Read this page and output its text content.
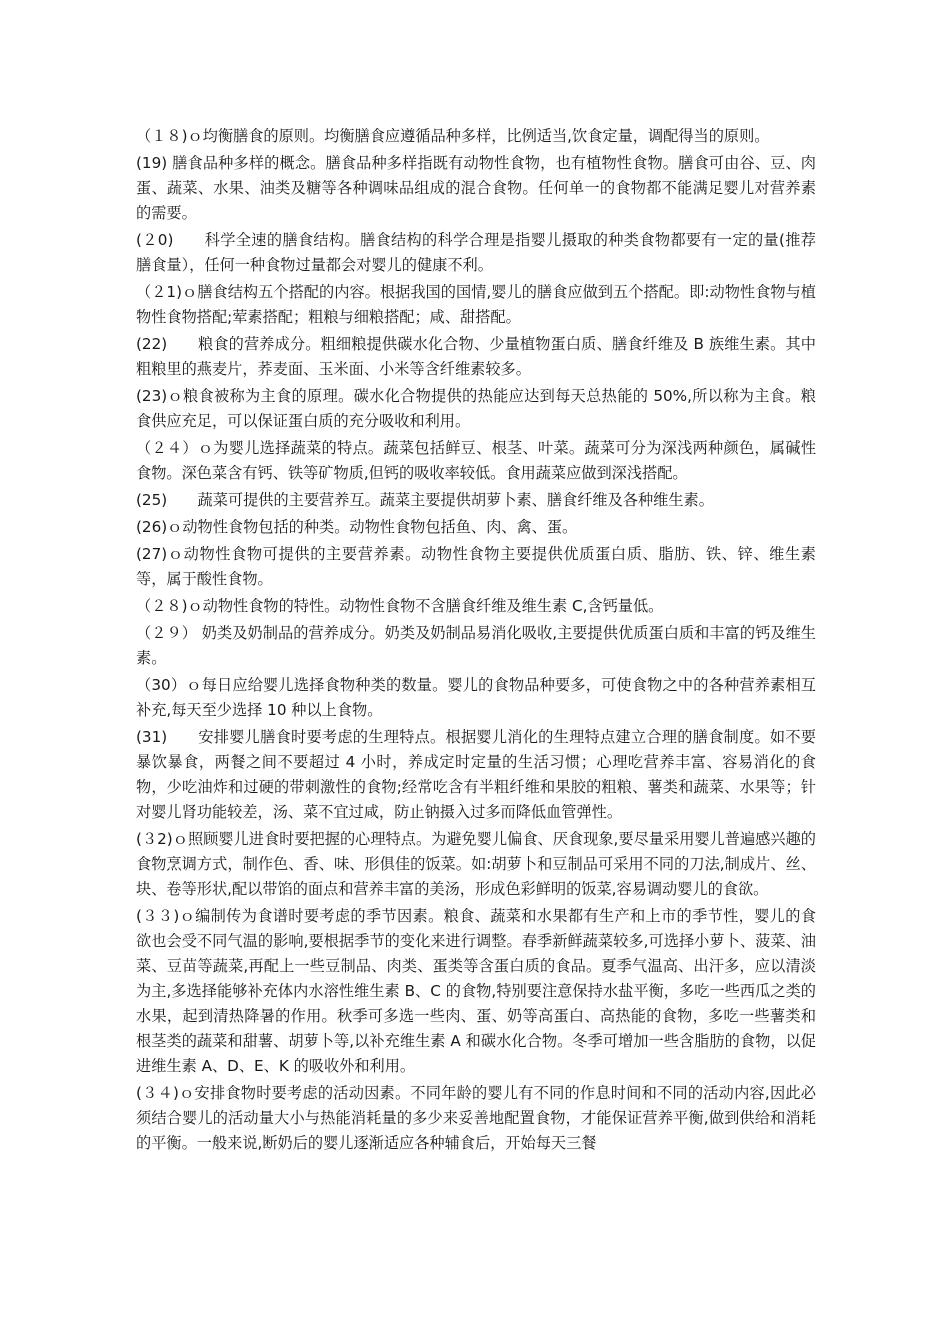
（１８)ｏ均衡膳食的原则。均衡膳食应遵循品种多样，比例适当,饮食定量，调配得当的原则。

(19) 膳食品种多样的概念。膳食品种多样指既有动物性食物，也有植物性食物。膳食可由谷、豆、肉蛋、蔬菜、水果、油类及糖等各种调味品组成的混合食物。任何单一的食物都不能满足婴儿对营养素的需要。

(２0)　　科学全速的膳食结构。膳食结构的科学合理是指婴儿摄取的种类食物都要有一定的量(推荐膳食量），任何一种食物过量都会对婴儿的健康不利。

（２1)ｏ膳食结构五个搭配的内容。根据我国的国情,婴儿的膳食应做到五个搭配。即:动物性食物与植物性食物搭配;荤素搭配；粗粮与细粮搭配；咸、甜搭配。

(22)　　粮食的营养成分。粗细粮提供碳水化合物、少量植物蛋白质、膳食纤维及 B 族维生素。其中粗粮里的燕麦片，荞麦面、玉米面、小米等含纤维素较多。

(23)ｏ粮食被称为主食的原理。碳水化合物提供的热能应达到每天总热能的 50%,所以称为主食。粮食供应充足，可以保证蛋白质的充分吸收和利用。

（２４）ｏ为婴儿选择蔬菜的特点。蔬菜包括鲜豆、根茎、叶菜。蔬菜可分为深浅两种颜色，属碱性食物。深色菜含有钙、铁等矿物质,但钙的吸收率较低。食用蔬菜应做到深浅搭配。

(25)　　蔬菜可提供的主要营养互。蔬菜主要提供胡萝卜素、膳食纤维及各种维生素。

(26)ｏ动物性食物包括的种类。动物性食物包括鱼、肉、禽、蛋。

(27)ｏ动物性食物可提供的主要营养素。动物性食物主要提供优质蛋白质、脂肪、铁、锌、维生素等，属于酸性食物。

（２８)ｏ动物性食物的特性。动物性食物不含膳食纤维及维生素 C,含钙量低。

（２９） 奶类及奶制品的营养成分。奶类及奶制品易消化吸收,主要提供优质蛋白质和丰富的钙及维生素。

（30）ｏ每日应给婴儿选择食物种类的数量。婴儿的食物品种要多，可使食物之中的各种营养素相互补充,每天至少选择 10 种以上食物。

(31)　　安排婴儿膳食时要考虑的生理特点。根据婴儿消化的生理特点建立合理的膳食制度。如不要暴饮暴食，两餐之间不要超过 4 小时，养成定时定量的生活习惯；心理吃营养丰富、容易消化的食物，少吃油炸和过硬的带刺激性的食物;经常吃含有半粗纤维和果胶的粗粮、薯类和蔬菜、水果等；针对婴儿肾功能较差，汤、菜不宜过咸，防止钠摄入过多而降低血管弹性。

(３2)ｏ照顾婴儿进食时要把握的心理特点。为避免婴儿偏食、厌食现象,要尽量采用婴儿普遍感兴趣的食物烹调方式，制作色、香、味、形俱佳的饭菜。如:胡萝卜和豆制品可采用不同的刀法,制成片、丝、块、卷等形状,配以带馅的面点和营养丰富的美汤，形成色彩鲜明的饭菜,容易调动婴儿的食欲。

(３３)ｏ编制传为食谱时要考虑的季节因素。粮食、蔬菜和水果都有生产和上市的季节性，婴儿的食欲也会受不同气温的影响,要根据季节的变化来进行调整。春季新鲜蔬菜较多,可选择小萝卜、菠菜、油菜、豆苗等蔬菜,再配上一些豆制品、肉类、蛋类等含蛋白质的食品。夏季气温高、出汗多，应以清淡为主,多选择能够补充体内水溶性维生素 B、C 的食物,特别要注意保持水盐平衡，多吃一些西瓜之类的水果，起到清热降暑的作用。秋季可多选一些肉、蛋、奶等高蛋白、高热能的食物，多吃一些薯类和根茎类的蔬菜和甜薯、胡萝卜等,以补充维生素 A 和碳水化合物。冬季可增加一些含脂肪的食物，以促进维生素 A、D、E、K 的吸收外和利用。

(３４)ｏ安排食物时要考虑的活动因素。不同年龄的婴儿有不同的作息时间和不同的活动内容,因此必须结合婴儿的活动量大小与热能消耗量的多少来妥善地配置食物，才能保证营养平衡,做到供给和消耗的平衡。一般来说,断奶后的婴儿逐渐适应各种辅食后，开始每天三餐
